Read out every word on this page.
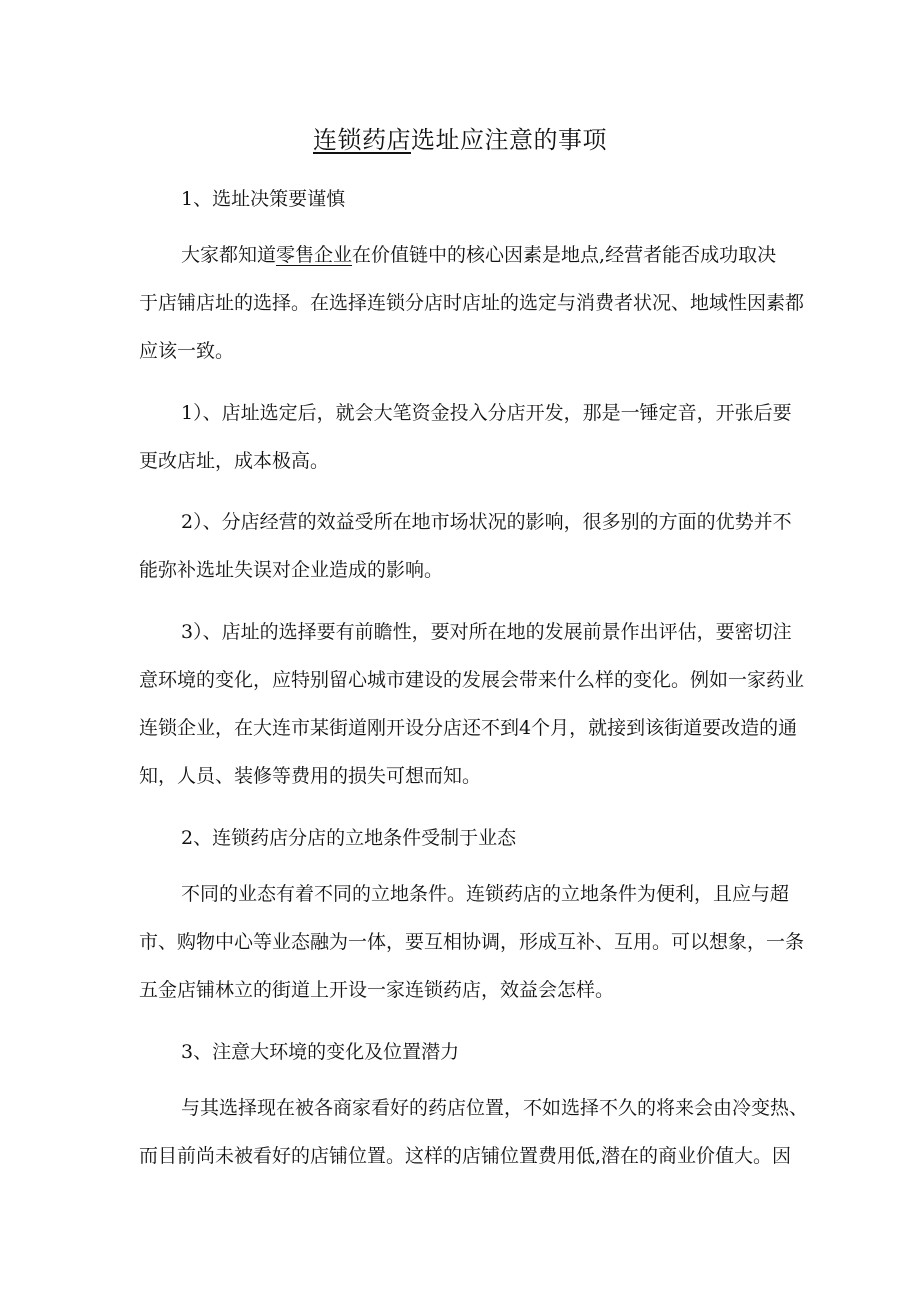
连锁药店选址应注意的事项
1、选址决策要谨慎
大家都知道零售企业在价值链中的核心因素是地点,经营者能否成功取决
于店铺店址的选择。在选择连锁分店时店址的选定与消费者状况、地域性因素都
应该一致。
1）、店址选定后，就会大笔资金投入分店开发，那是一锤定音，开张后要
更改店址，成本极高。
2）、分店经营的效益受所在地市场状况的影响，很多别的方面的优势并不
能弥补选址失误对企业造成的影响。
3）、店址的选择要有前瞻性，要对所在地的发展前景作出评估，要密切注
意环境的变化，应特别留心城市建设的发展会带来什么样的变化。例如一家药业
连锁企业，在大连市某街道刚开设分店还不到4个月，就接到该街道要改造的通
知，人员、装修等费用的损失可想而知。
2、连锁药店分店的立地条件受制于业态
不同的业态有着不同的立地条件。连锁药店的立地条件为便利，且应与超
市、购物中心等业态融为一体，要互相协调，形成互补、互用。可以想象，一条
五金店铺林立的街道上开设一家连锁药店，效益会怎样。
3、注意大环境的变化及位置潜力
与其选择现在被各商家看好的药店位置，不如选择不久的将来会由冷变热、
而目前尚未被看好的店铺位置。这样的店铺位置费用低,潜在的商业价值大。因
